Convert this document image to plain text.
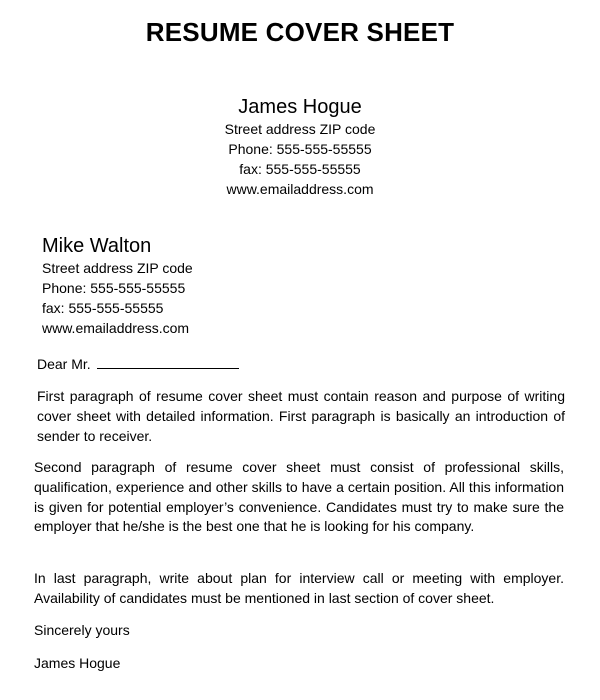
RESUME COVER SHEET
James Hogue
Street address ZIP code
Phone: 555-555-55555
fax: 555-555-55555
www.emailaddress.com
Mike Walton
Street address ZIP code
Phone: 555-555-55555
fax: 555-555-55555
www.emailaddress.com
Dear Mr.
First paragraph of resume cover sheet must contain reason and purpose of writing cover sheet with detailed information. First paragraph is basically an introduction of sender to receiver.
Second paragraph of resume cover sheet must consist of professional skills, qualification, experience and other skills to have a certain position. All this information is given for potential employer’s convenience. Candidates must try to make sure the employer that he/she is the best one that he is looking for his company.
In last paragraph, write about plan for interview call or meeting with employer. Availability of candidates must be mentioned in last section of cover sheet.
Sincerely yours
James Hogue
